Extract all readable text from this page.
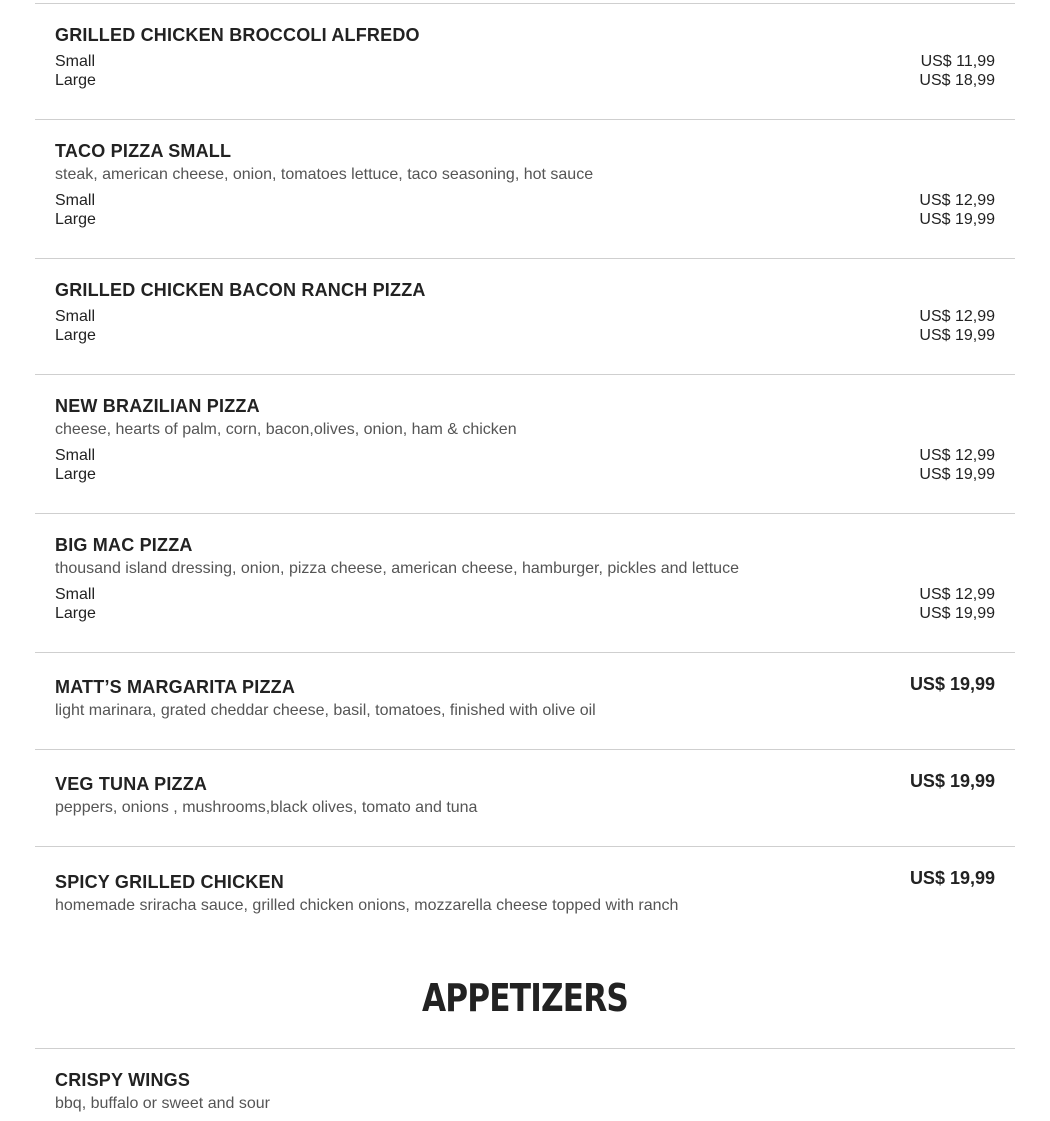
GRILLED CHICKEN BROCCOLI ALFREDO
Small	US$ 11,99
Large	US$ 18,99
TACO PIZZA SMALL
steak, american cheese, onion, tomatoes lettuce, taco seasoning, hot sauce
Small	US$ 12,99
Large	US$ 19,99
GRILLED CHICKEN BACON RANCH PIZZA
Small	US$ 12,99
Large	US$ 19,99
NEW BRAZILIAN PIZZA
cheese, hearts of palm, corn, bacon,olives, onion, ham & chicken
Small	US$ 12,99
Large	US$ 19,99
BIG MAC PIZZA
thousand island dressing, onion, pizza cheese, american cheese, hamburger, pickles and lettuce
Small	US$ 12,99
Large	US$ 19,99
MATT’S MARGARITA PIZZA
light marinara, grated cheddar cheese, basil, tomatoes, finished with olive oil
US$ 19,99
VEG TUNA PIZZA
peppers, onions , mushrooms,black olives, tomato and tuna
US$ 19,99
SPICY GRILLED CHICKEN
homemade sriracha sauce, grilled chicken onions, mozzarella cheese topped with ranch
US$ 19,99
APPETIZERS
CRISPY WINGS
bbq, buffalo or sweet and sour
